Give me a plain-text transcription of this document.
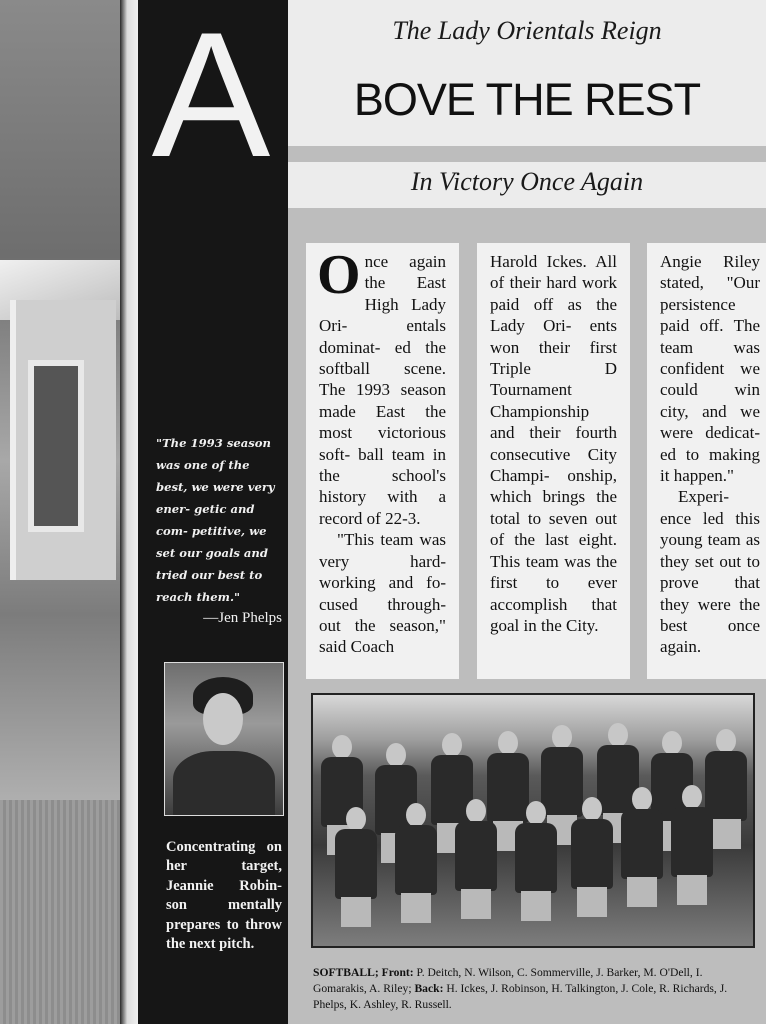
A
"The 1993 season was one of the best, we were very ener- getic and com- petitive, we set our goals and tried our best to reach them."
—Jen Phelps
Concentrating on her target, Jeannie Robin- son mentally prepares to throw the next pitch.
The Lady Orientals Reign
BOVE THE REST
In Victory Once Again
O nce again the East High Lady Ori- entals dominat- ed the softball scene. The 1993 season made East the most victorious soft- ball team in the school's history with a record of 22-3.

"This team was very hard- working and fo- cused through- out the season," said Coach

Harold Ickes. All of their hard work paid off as the Lady Ori- ents won their first Triple D Tournament Championship and their fourth consecutive City Champi- onship, which brings the total to seven out of the last eight. This team was the first to ever accomplish that goal in the City.

Angie Riley stated, "Our persistence paid off. The team was confident we could win city, and we were dedicat- ed to making it happen."

Experi- ence led this young team as they set out to prove that they were the best once again.

SOFTBALL; Front: P. Deitch, N. Wilson, C. Sommerville, J. Barker, M. O'Dell, I. Gomarakis, A. Riley; Back: H. Ickes, J. Robinson, H. Talkington, J. Cole, R. Richards, J. Phelps, K. Ashley, R. Russell.
